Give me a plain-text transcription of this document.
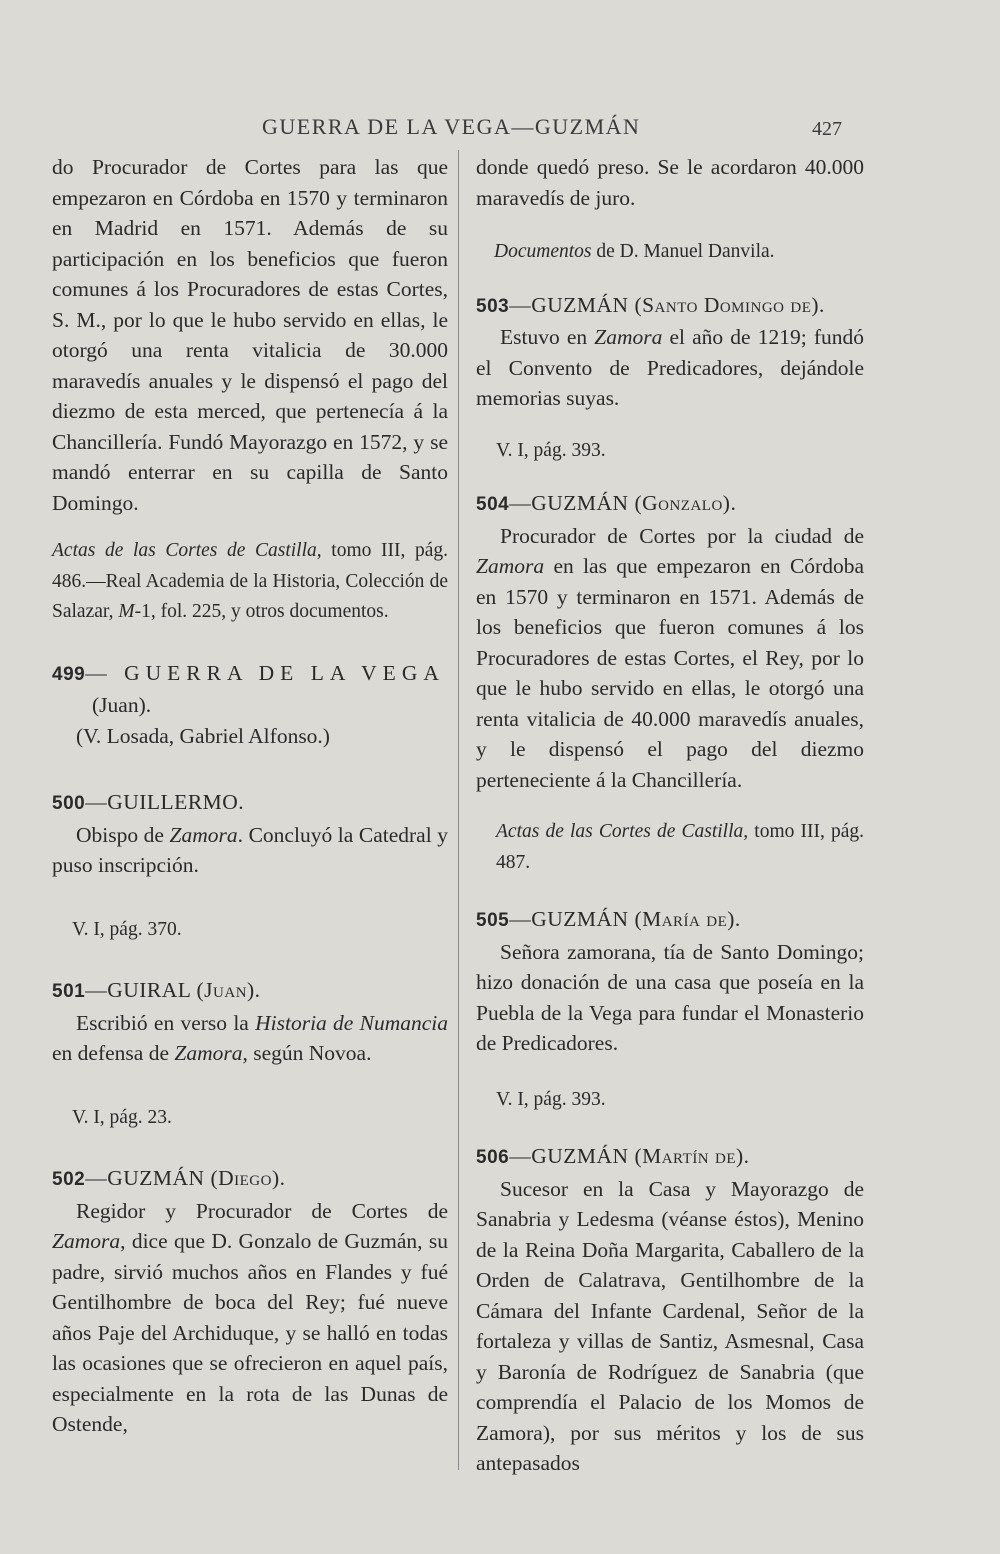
GUERRA DE LA VEGA—GUZMÁN	427

do Procurador de Cortes para las que empezaron en Córdoba en 1570 y terminaron en Madrid en 1571. Además de su participación en los beneficios que fueron comunes á los Procuradores de estas Cortes, S. M., por lo que le hubo servido en ellas, le otorgó una renta vitalicia de 30.000 maravedís anuales y le dispensó el pago del diezmo de esta merced, que pertenecía á la Chancillería. Fundó Mayorazgo en 1572, y se mandó enterrar en su capilla de Santo Domingo.

Actas de las Cortes de Castilla, tomo III, pág. 486.—Real Academia de la Historia, Colección de Salazar, M-1, fol. 225, y otros documentos.

499— GUERRA DE LA VEGA
(Juan).

(V. Losada, Gabriel Alfonso.)

500—GUILLERMO.

Obispo de Zamora. Concluyó la Catedral y puso inscripción.

V. I, pág. 370.
501—GUIRAL (Juan).

Escribió en verso la Historia de Numancia en defensa de Zamora, según Novoa.

V. I, pág. 23.
502—GUZMÁN (Diego).

Regidor y Procurador de Cortes de Zamora, dice que D. Gonzalo de Guzmán, su padre, sirvió muchos años en Flandes y fué Gentilhombre de boca del Rey; fué nueve años Paje del Archiduque, y se halló en todas las ocasiones que se ofrecieron en aquel país, especialmente en la rota de las Dunas de Ostende,

donde quedó preso. Se le acordaron 40.000 maravedís de juro.

Documentos de D. Manuel Danvila.

503—GUZMÁN (Santo Domingo de).

Estuvo en Zamora el año de 1219; fundó el Convento de Predicadores, dejándole memorias suyas.

V. I, pág. 393.
504—GUZMÁN (Gonzalo).

Procurador de Cortes por la ciudad de Zamora en las que empezaron en Córdoba en 1570 y terminaron en 1571. Además de los beneficios que fueron comunes á los Procuradores de estas Cortes, el Rey, por lo que le hubo servido en ellas, le otorgó una renta vitalicia de 40.000 maravedís anuales, y le dispensó el pago del diezmo perteneciente á la Chancillería.

Actas de las Cortes de Castilla, tomo III, pág. 487.

505—GUZMÁN (María de).

Señora zamorana, tía de Santo Domingo; hizo donación de una casa que poseía en la Puebla de la Vega para fundar el Monasterio de Predicadores.

V. I, pág. 393.
506—GUZMÁN (Martín de).

Sucesor en la Casa y Mayorazgo de Sanabria y Ledesma (véanse éstos), Menino de la Reina Doña Margarita, Caballero de la Orden de Calatrava, Gentilhombre de la Cámara del Infante Cardenal, Señor de la fortaleza y villas de Santiz, Asmesnal, Casa y Baronía de Rodríguez de Sanabria (que comprendía el Palacio de los Momos de Zamora), por sus méritos y los de sus antepasados
